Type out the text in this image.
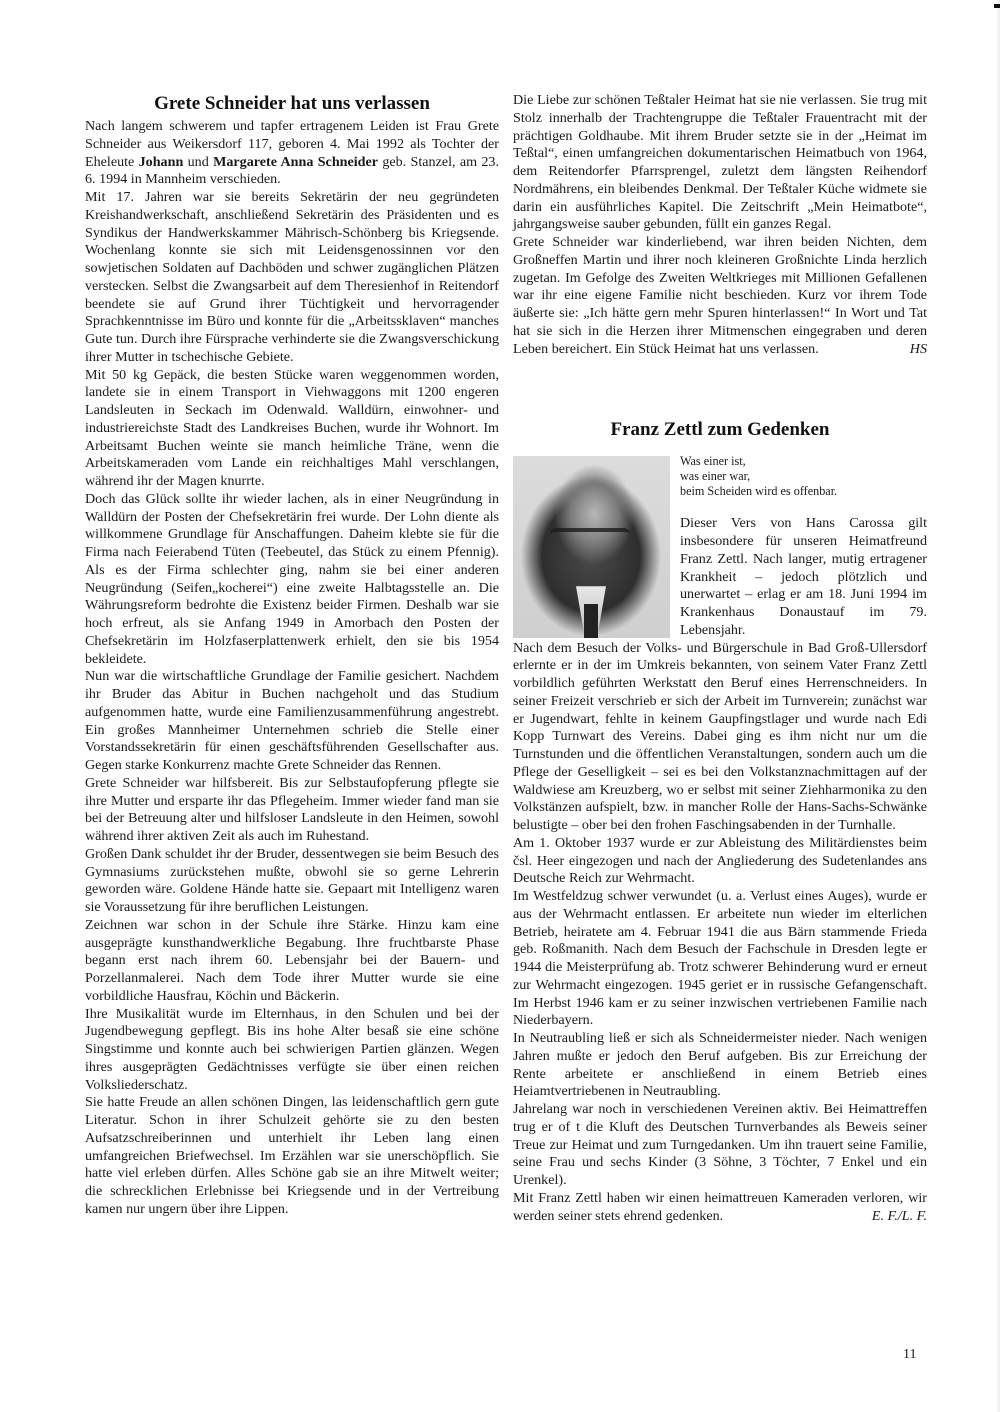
Grete Schneider hat uns verlassen

Nach langem schwerem und tapfer ertragenem Leiden ist Frau Grete Schneider aus Weikersdorf 117, geboren 4. Mai 1992 als Tochter der Eheleute Johann und Margarete Anna Schneider geb. Stanzel, am 23. 6. 1994 in Mannheim verschieden.

Mit 17. Jahren war sie bereits Sekretärin der neu gegründeten Kreishandwerkschaft, anschließend Sekretärin des Präsidenten und es Syndikus der Handwerkskammer Mährisch-Schönberg bis Kriegsende. Wochenlang konnte sie sich mit Leidensgenossinnen vor den sowjetischen Soldaten auf Dachböden und schwer zugänglichen Plätzen verstecken. Selbst die Zwangsarbeit auf dem Theresienhof in Reitendorf beendete sie auf Grund ihrer Tüchtigkeit und hervorragender Sprachkenntnisse im Büro und konnte für die „Arbeitssklaven“ manches Gute tun. Durch ihre Fürsprache verhinderte sie die Zwangsverschickung ihrer Mutter in tschechische Gebiete.

Mit 50 kg Gepäck, die besten Stücke waren weggenommen worden, landete sie in einem Transport in Viehwaggons mit 1200 engeren Landsleuten in Seckach im Odenwald. Walldürn, einwohner- und industriereichste Stadt des Landkreises Buchen, wurde ihr Wohnort. Im Arbeitsamt Buchen weinte sie manch heimliche Träne, wenn die Arbeitskameraden vom Lande ein reichhaltiges Mahl verschlangen, während ihr der Magen knurrte.

Doch das Glück sollte ihr wieder lachen, als in einer Neugründung in Walldürn der Posten der Chefsekretärin frei wurde. Der Lohn diente als willkommene Grundlage für Anschaffungen. Daheim klebte sie für die Firma nach Feierabend Tüten (Teebeutel, das Stück zu einem Pfennig). Als es der Firma schlechter ging, nahm sie bei einer anderen Neugründung (Seifen„kocherei“) eine zweite Halbtagsstelle an. Die Währungsreform bedrohte die Existenz beider Firmen. Deshalb war sie hoch erfreut, als sie Anfang 1949 in Amorbach den Posten der Chefsekretärin im Holzfaserplattenwerk erhielt, den sie bis 1954 bekleidete.

Nun war die wirtschaftliche Grundlage der Familie gesichert. Nachdem ihr Bruder das Abitur in Buchen nachgeholt und das Studium aufgenommen hatte, wurde eine Familienzusammenführung angestrebt. Ein großes Mannheimer Unternehmen schrieb die Stelle einer Vorstandssekretärin für einen geschäftsführenden Gesellschafter aus. Gegen starke Konkurrenz machte Grete Schneider das Rennen.

Grete Schneider war hilfsbereit. Bis zur Selbstaufopferung pflegte sie ihre Mutter und ersparte ihr das Pflegeheim. Immer wieder fand man sie bei der Betreuung alter und hilfsloser Landsleute in den Heimen, sowohl während ihrer aktiven Zeit als auch im Ruhestand.

Großen Dank schuldet ihr der Bruder, dessentwegen sie beim Besuch des Gymnasiums zurückstehen mußte, obwohl sie so gerne Lehrerin geworden wäre. Goldene Hände hatte sie. Gepaart mit Intelligenz waren sie Voraussetzung für ihre beruflichen Leistungen.

Zeichnen war schon in der Schule ihre Stärke. Hinzu kam eine ausgeprägte kunsthandwerkliche Begabung. Ihre fruchtbarste Phase begann erst nach ihrem 60. Lebensjahr bei der Bauern- und Porzellanmalerei. Nach dem Tode ihrer Mutter wurde sie eine vorbildliche Hausfrau, Köchin und Bäckerin.

Ihre Musikalität wurde im Elternhaus, in den Schulen und bei der Jugendbewegung gepflegt. Bis ins hohe Alter besaß sie eine schöne Singstimme und konnte auch bei schwierigen Partien glänzen. Wegen ihres ausgeprägten Gedächtnisses verfügte sie über einen reichen Volksliederschatz.

Sie hatte Freude an allen schönen Dingen, las leidenschaftlich gern gute Literatur. Schon in ihrer Schulzeit gehörte sie zu den besten Aufsatzschreiberinnen und unterhielt ihr Leben lang einen umfangreichen Briefwechsel. Im Erzählen war sie unerschöpflich. Sie hatte viel erleben dürfen. Alles Schöne gab sie an ihre Mitwelt weiter; die schrecklichen Erlebnisse bei Kriegsende und in der Vertreibung kamen nur ungern über ihre Lippen.

Die Liebe zur schönen Teßtaler Heimat hat sie nie verlassen. Sie trug mit Stolz innerhalb der Trachtengruppe die Teßtaler Frauentracht mit der prächtigen Goldhaube. Mit ihrem Bruder setzte sie in der „Heimat im Teßtal“, einen umfangreichen dokumentarischen Heimatbuch von 1964, dem Reitendorfer Pfarrsprengel, zuletzt dem längsten Reihendorf Nordmährens, ein bleibendes Denkmal. Der Teßtaler Küche widmete sie darin ein ausführliches Kapitel. Die Zeitschrift „Mein Heimatbote“, jahrgangsweise sauber gebunden, füllt ein ganzes Regal.

Grete Schneider war kinderliebend, war ihren beiden Nichten, dem Großneffen Martin und ihrer noch kleineren Großnichte Linda herzlich zugetan. Im Gefolge des Zweiten Weltkrieges mit Millionen Gefallenen war ihr eine eigene Familie nicht beschieden. Kurz vor ihrem Tode äußerte sie: „Ich hätte gern mehr Spuren hinterlassen!“ In Wort und Tat hat sie sich in die Herzen ihrer Mitmenschen eingegraben und deren Leben bereichert. Ein Stück Heimat hat uns verlassen.	HS

Franz Zettl zum Gedenken
Was einer ist,
was einer war,
beim Scheiden wird es offenbar.

Dieser Vers von Hans Carossa gilt insbesondere für unseren Heimatfreund Franz Zettl. Nach langer, mutig ertragener Krankheit – jedoch plötzlich und unerwartet – erlag er am 18. Juni 1994 im Krankenhaus Donaustauf im 79. Lebensjahr.

Nach dem Besuch der Volks- und Bürgerschule in Bad Groß-Ullersdorf erlernte er in der im Umkreis bekannten, von seinem Vater Franz Zettl vorbildlich geführten Werkstatt den Beruf eines Herrenschneiders. In seiner Freizeit verschrieb er sich der Arbeit im Turnverein; zunächst war er Jugendwart, fehlte in keinem Gaupfingstlager und wurde nach Edi Kopp Turnwart des Vereins. Dabei ging es ihm nicht nur um die Turnstunden und die öffentlichen Veranstaltungen, sondern auch um die Pflege der Geselligkeit – sei es bei den Volkstanznachmittagen auf der Waldwiese am Kreuzberg, wo er selbst mit seiner Ziehharmonika zu den Volkstänzen aufspielt, bzw. in mancher Rolle der Hans-Sachs-Schwänke belustigte – ober bei den frohen Faschingsabenden in der Turnhalle.

Am 1. Oktober 1937 wurde er zur Ableistung des Militärdienstes beim čsl. Heer eingezogen und nach der Angliederung des Sudetenlandes ans Deutsche Reich zur Wehrmacht.

Im Westfeldzug schwer verwundet (u. a. Verlust eines Auges), wurde er aus der Wehrmacht entlassen. Er arbeitete nun wieder im elterlichen Betrieb, heiratete am 4. Februar 1941 die aus Bärn stammende Frieda geb. Roßmanith. Nach dem Besuch der Fachschule in Dresden legte er 1944 die Meisterprüfung ab. Trotz schwerer Behinderung wurd er erneut zur Wehrmacht eingezogen. 1945 geriet er in russische Gefangenschaft. Im Herbst 1946 kam er zu seiner inzwischen vertriebenen Familie nach Niederbayern.

In Neutraubling ließ er sich als Schneidermeister nieder. Nach wenigen Jahren mußte er jedoch den Beruf aufgeben. Bis zur Erreichung der Rente arbeitete er anschließend in einem Betrieb eines Heiamtvertriebenen in Neutraubling.

Jahrelang war noch in verschiedenen Vereinen aktiv. Bei Heimattreffen trug er of t die Kluft des Deutschen Turnverbandes als Beweis seiner Treue zur Heimat und zum Turngedanken. Um ihn trauert seine Familie, seine Frau und sechs Kinder (3 Söhne, 3 Töchter, 7 Enkel und ein Urenkel).

Mit Franz Zettl haben wir einen heimattreuen Kameraden verloren, wir werden seiner stets ehrend gedenken.	E. F./L. F.

11
